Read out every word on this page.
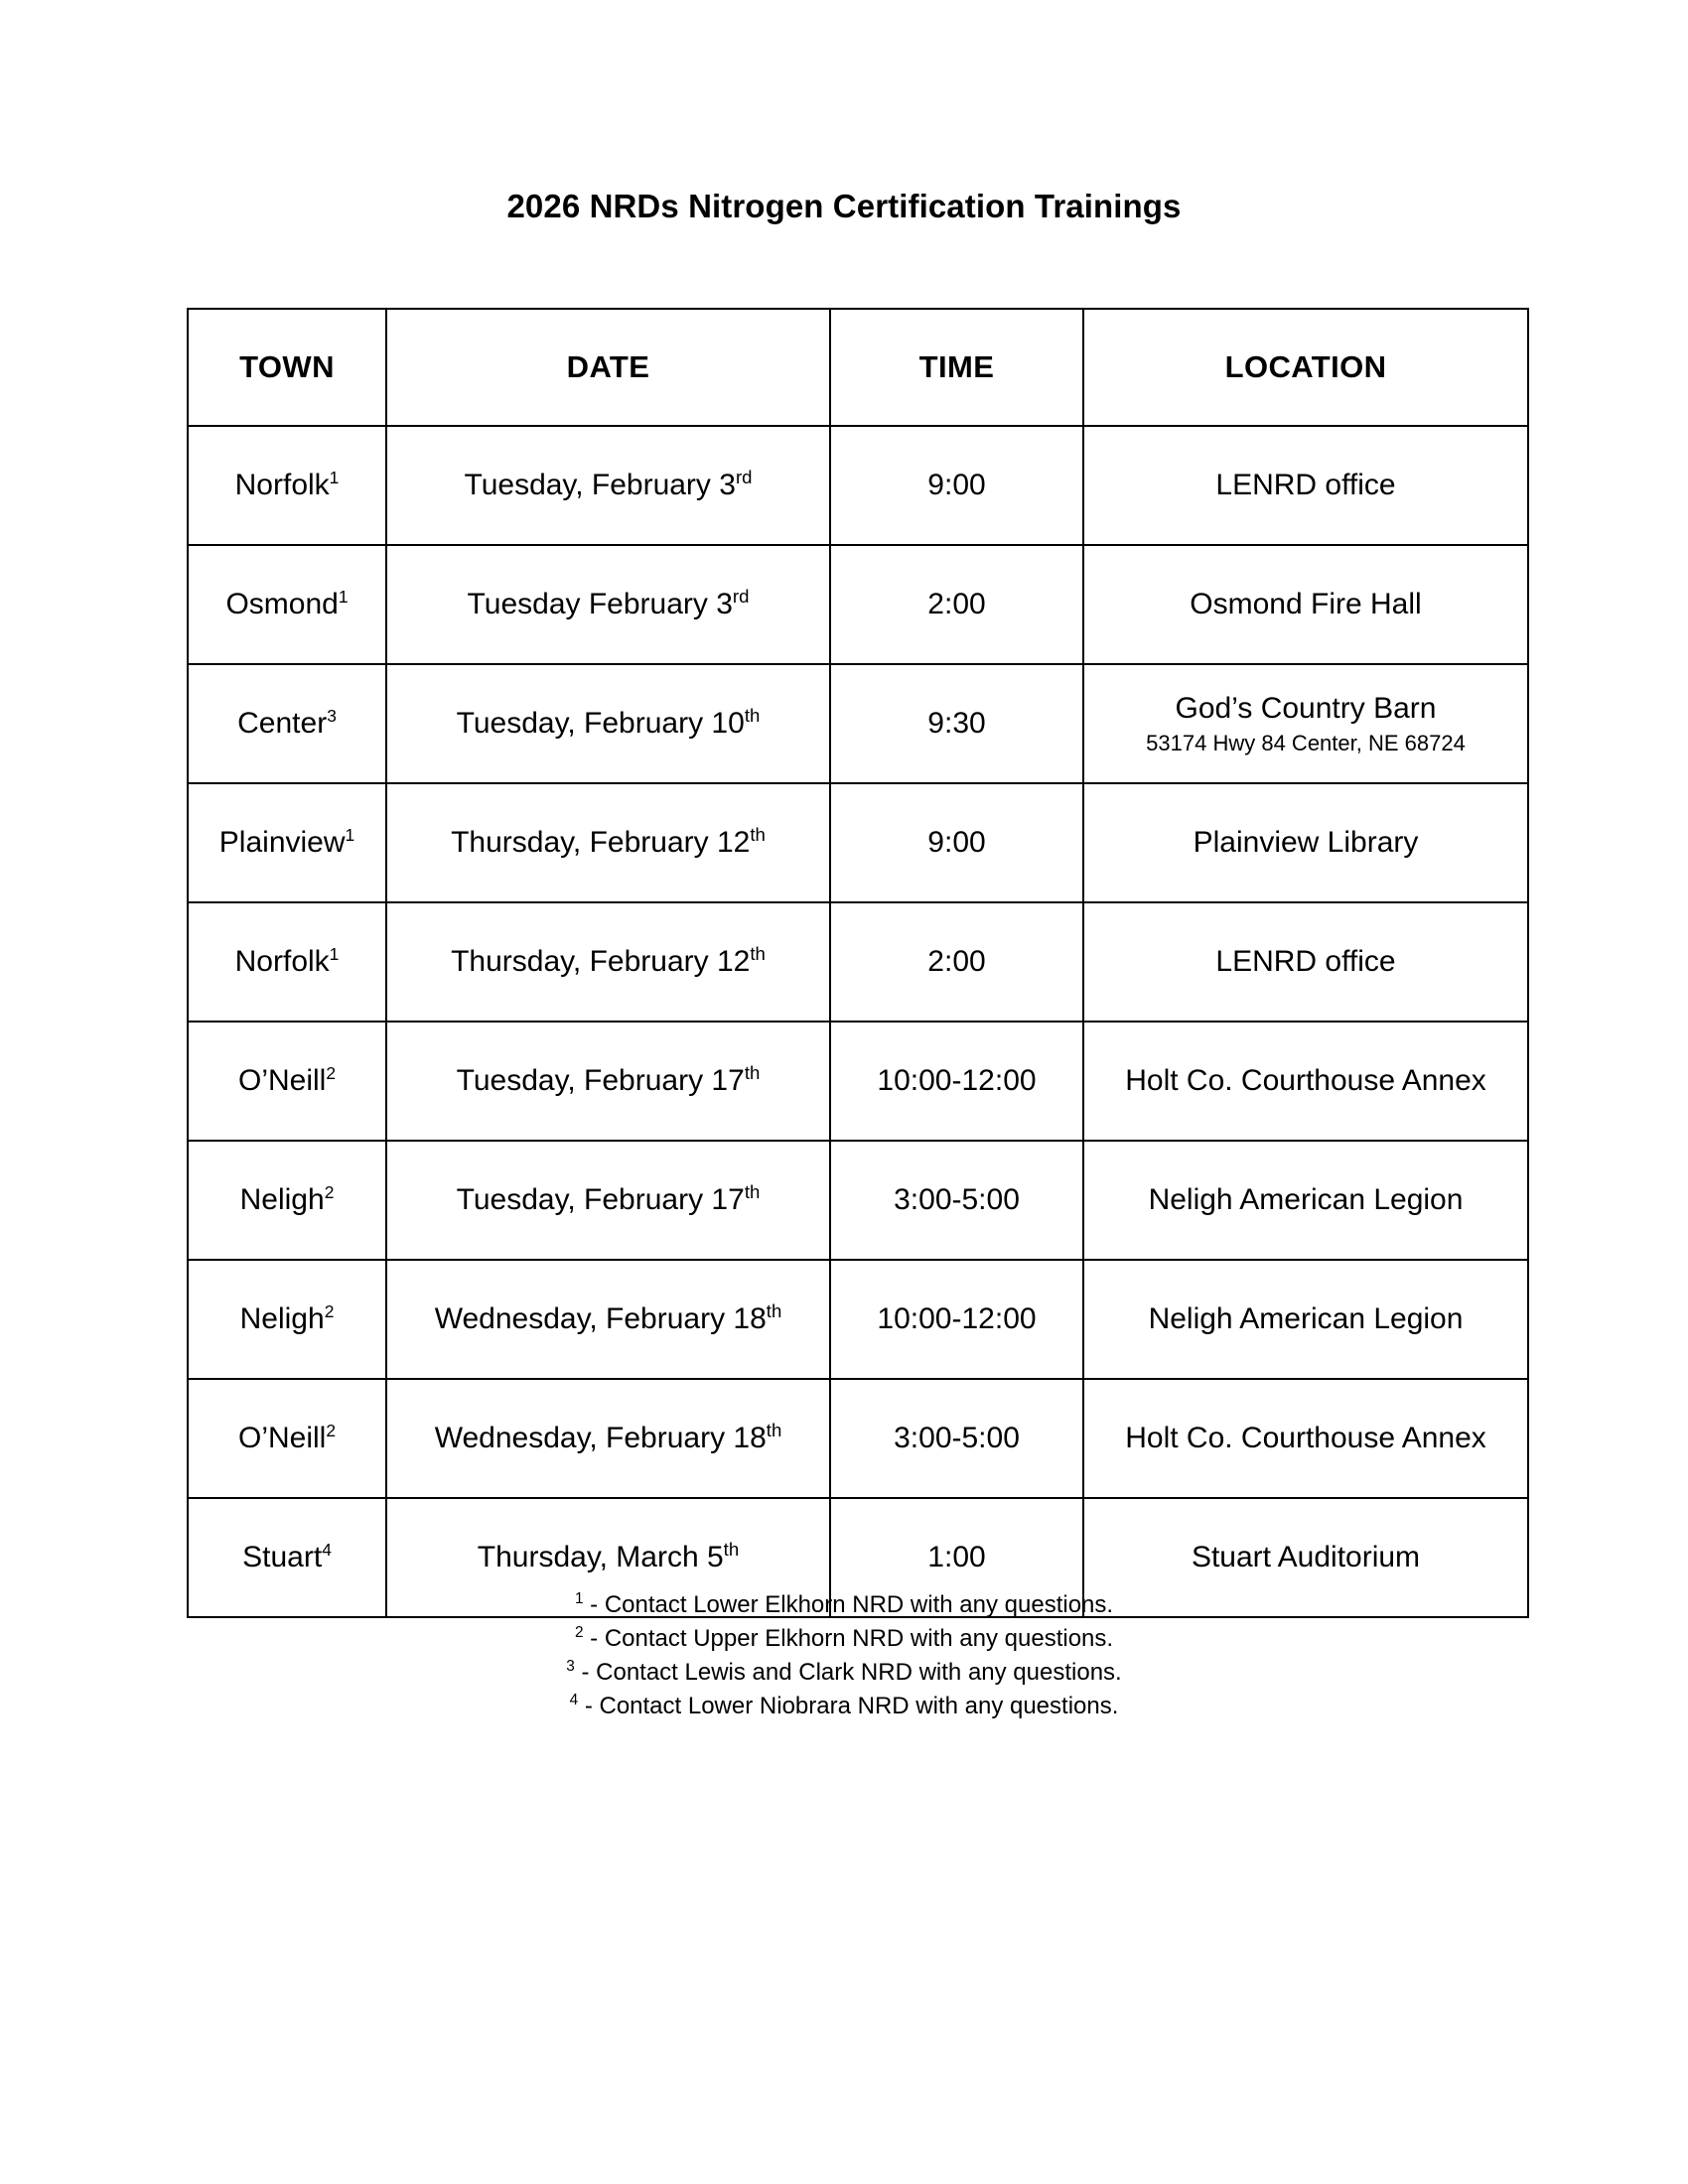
2026 NRDs Nitrogen Certification Trainings
TOWN	DATE	TIME	LOCATION
Norfolk$^1$	Tuesday, February 3rd	9:00	LENRD office

Osmond$^1$	Tuesday February 3rd	2:00	Osmond Fire Hall

Center$^3$	Tuesday, February 10th	9:30	God’s Country Barn
53174 Hwy 84 Center, NE 68724

Plainview$^1$	Thursday, February 12th	9:00	Plainview Library

Norfolk$^1$	Thursday, February 12th	2:00	LENRD office

O’Neill$^2$	Tuesday, February 17th	10:00-12:00	Holt Co. Courthouse Annex

Neligh$^2$	Tuesday, February 17th	3:00-5:00	Neligh American Legion

Neligh$^2$	Wednesday, February 18th	10:00-12:00	Neligh American Legion

O’Neill$^2$	Wednesday, February 18th	3:00-5:00	Holt Co. Courthouse Annex

Stuart$^4$	Thursday, March 5th	1:00	Stuart Auditorium
$^1$ - Contact Lower Elkhorn NRD with any questions.
$^2$ - Contact Upper Elkhorn NRD with any questions.
$^3$ - Contact Lewis and Clark NRD with any questions.
$^4$ - Contact Lower Niobrara NRD with any questions.
